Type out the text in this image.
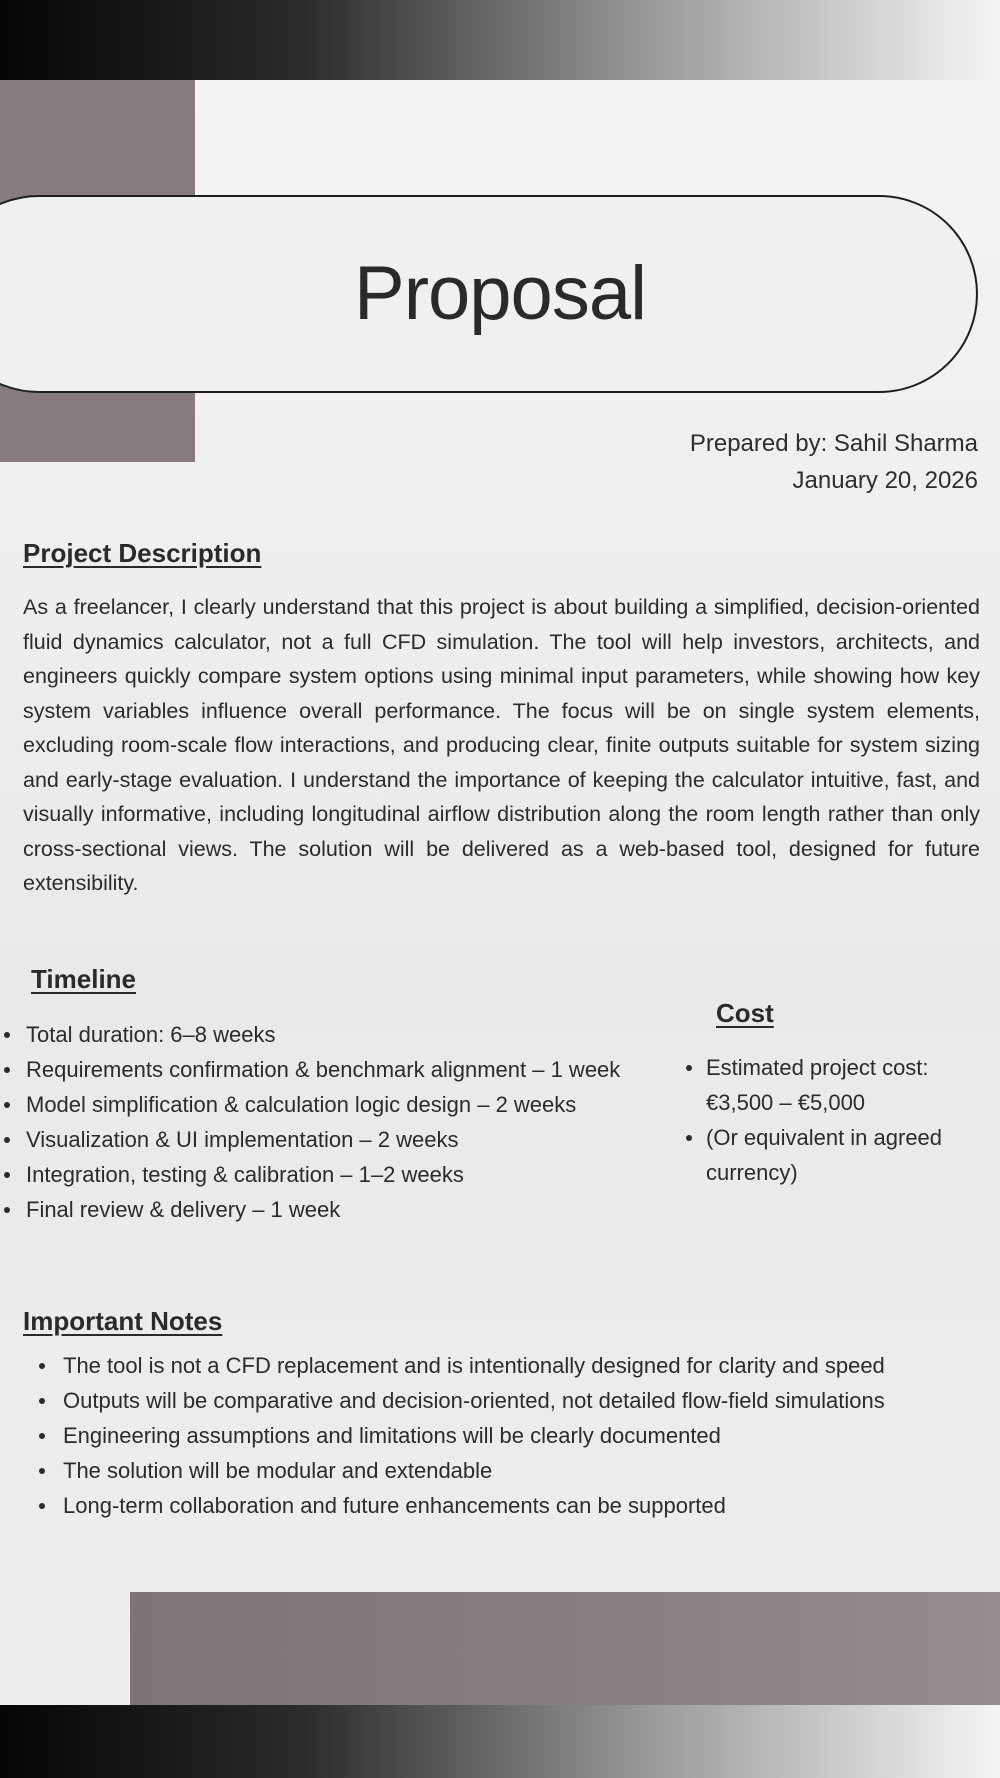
Proposal
Prepared by: Sahil Sharma
January 20, 2026
Project Description
As a freelancer, I clearly understand that this project is about building a simplified, decision-oriented fluid dynamics calculator, not a full CFD simulation. The tool will help investors, architects, and engineers quickly compare system options using minimal input parameters, while showing how key system variables influence overall performance. The focus will be on single system elements, excluding room-scale flow interactions, and producing clear, finite outputs suitable for system sizing and early-stage evaluation. I understand the importance of keeping the calculator intuitive, fast, and visually informative, including longitudinal airflow distribution along the room length rather than only cross-sectional views. The solution will be delivered as a web-based tool, designed for future extensibility.
Timeline
Total duration: 6–8 weeks
Requirements confirmation & benchmark alignment – 1 week
Model simplification & calculation logic design – 2 weeks
Visualization & UI implementation – 2 weeks
Integration, testing & calibration – 1–2 weeks
Final review & delivery – 1 week
Cost
Estimated project cost: €3,500 – €5,000
(Or equivalent in agreed currency)
Important Notes
The tool is not a CFD replacement and is intentionally designed for clarity and speed
Outputs will be comparative and decision-oriented, not detailed flow-field simulations
Engineering assumptions and limitations will be clearly documented
The solution will be modular and extendable
Long-term collaboration and future enhancements can be supported
